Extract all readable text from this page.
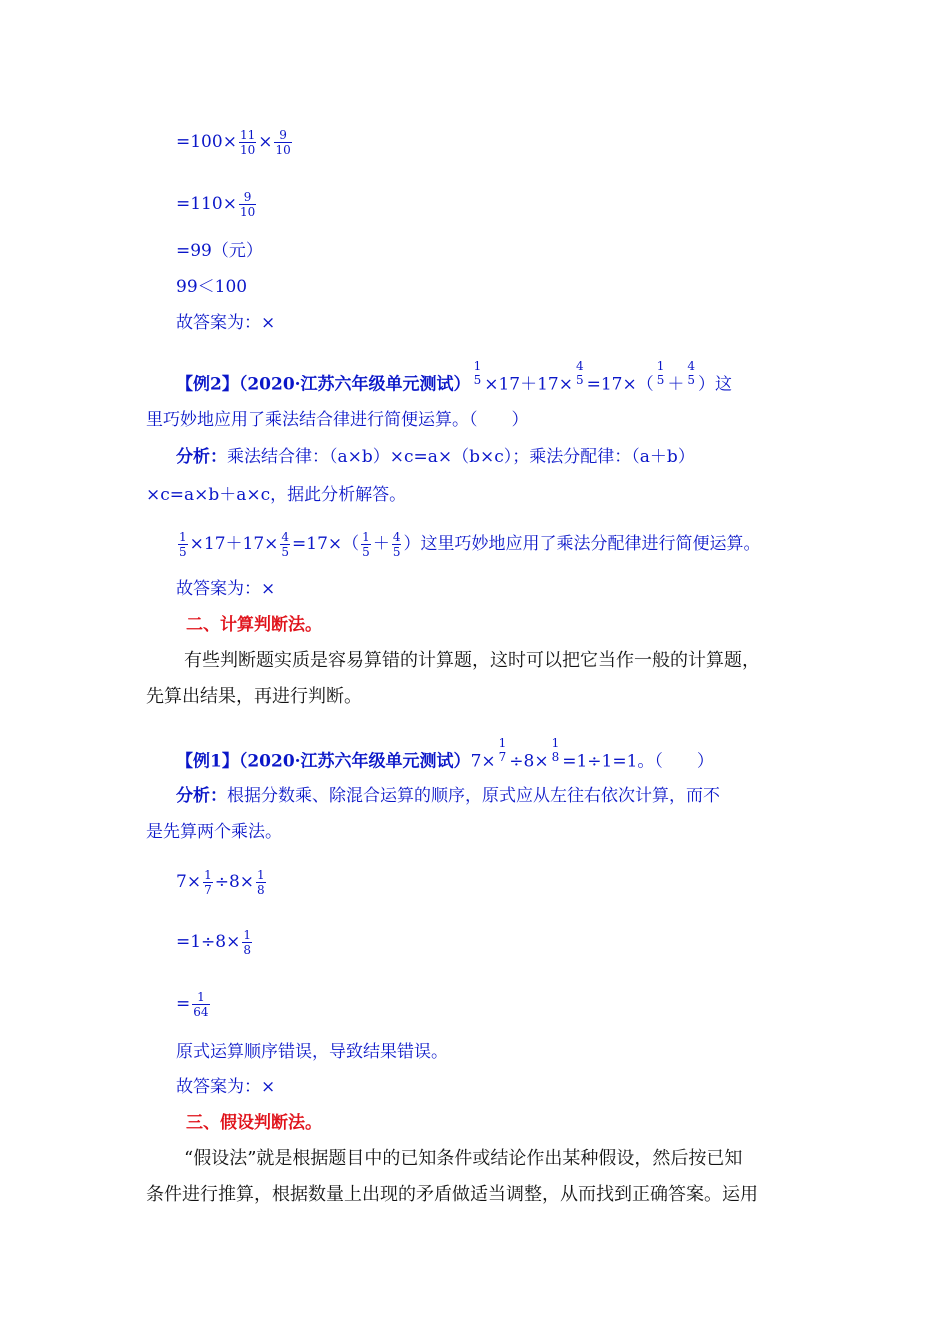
$=100\times \frac{11}{10} \times \frac{9}{10}$
$=110\times \frac{9}{10}$
=99（元）
99＜100
故答案为：×
【例2】（2020·江苏六年级单元测试）
1
5 ×17＋17×
4
5 =17×（
1
5 ＋
4
5 ）这
里巧妙地应用了乘法结合律进行简便运算。（　　）
分析：乘法结合律：（a×b）×c=a×（b×c）；乘法分配律：（a＋b）
×c=a×b＋a×c，据此分析解答。
$\frac{1}{5} \times 17+17\times \frac{4}{5} =17\times( \frac{1}{5} + \frac{4}{5}$ ）这里巧妙地应用了乘法分配律进行简便运算。
故答案为：×
二、计算判断法。
有些判断题实质是容易算错的计算题，这时可以把它当作一般的计算题，
先算出结果，再进行判断。
【例1】（2020·江苏六年级单元测试）7×
1
7 ÷8×
1
8 =1÷1=1。（　　）
分析：根据分数乘、除混合运算的顺序，原式应从左往右依次计算，而不
是先算两个乘法。
$7\times \frac{1}{7} \div 8\times \frac{1}{8}$
$=1\div 8\times \frac{1}{8}$
= $\frac{1}{64}$
原式运算顺序错误，导致结果错误。
故答案为：×
三、假设判断法。
“假设法”就是根据题目中的已知条件或结论作出某种假设，然后按已知
条件进行推算，根据数量上出现的矛盾做适当调整，从而找到正确答案。运用
